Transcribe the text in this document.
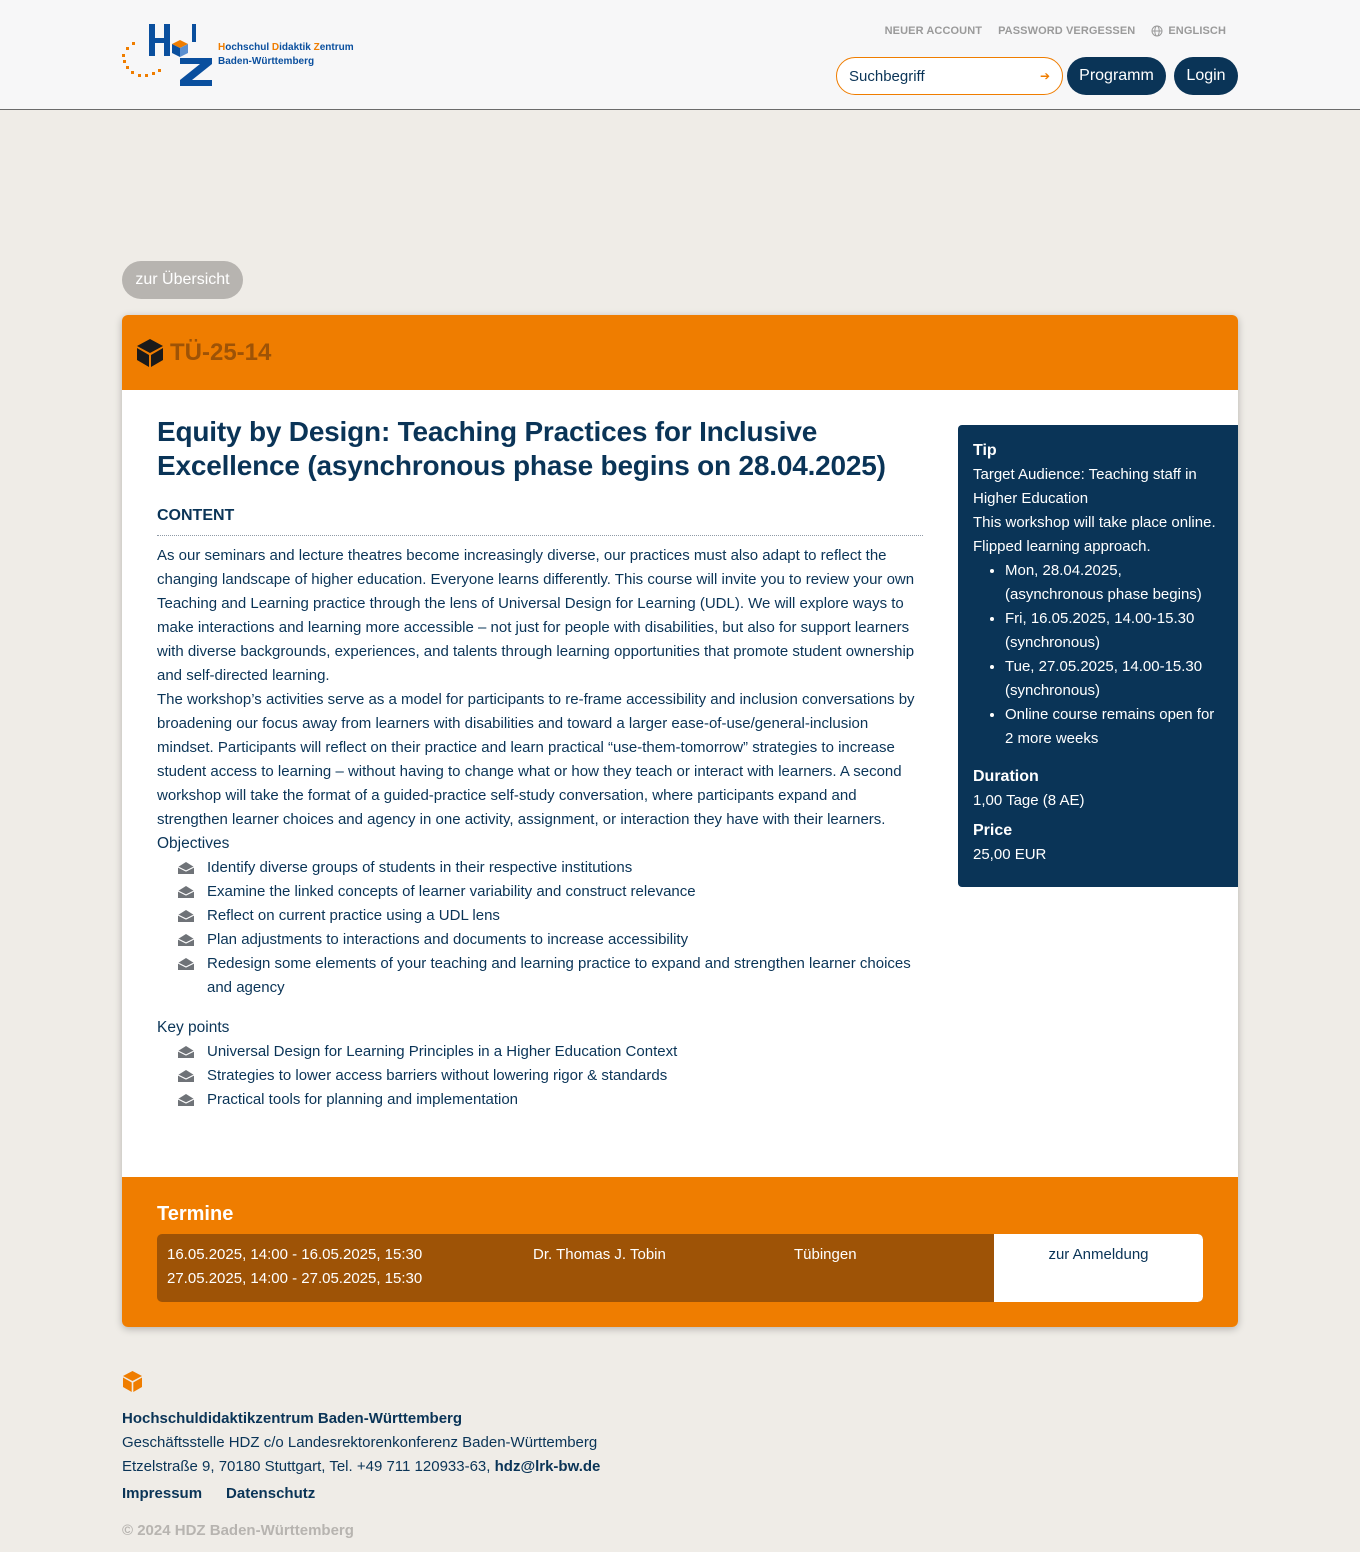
Hochschul Didaktik Zentrum
Baden-Württemberg
NEUER ACCOUNT PASSWORD VERGESSEN	ENGLISCH
Suchbegriff
➔	Programm	Login
zur Übersicht
TÜ-25-14
Equity by Design: Teaching Practices for Inclusive Excellence (asynchronous phase begins on 28.04.2025)
CONTENT

As our seminars and lecture theatres become increasingly diverse, our practices must also adapt to reflect the changing landscape of higher education. Everyone learns differently. This course will invite you to review your own Teaching and Learning practice through the lens of Universal Design for Learning (UDL). We will explore ways to make interactions and learning more accessible – not just for people with disabilities, but also for support learners with diverse backgrounds, experiences, and talents through learning opportunities that promote student ownership and self-directed learning.

The workshop’s activities serve as a model for participants to re-frame accessibility and inclusion conversations by broadening our focus away from learners with disabilities and toward a larger ease-of-use/general-inclusion mindset. Participants will reflect on their practice and learn practical “use-them-tomorrow” strategies to increase student access to learning – without having to change what or how they teach or interact with learners. A second workshop will take the format of a guided-practice self-study conversation, where participants expand and strengthen learner choices and agency in one activity, assignment, or interaction they have with their learners.

Objectives
Identify diverse groups of students in their respective institutions
Examine the linked concepts of learner variability and construct relevance
Reflect on current practice using a UDL lens
Plan adjustments to interactions and documents to increase accessibility
Redesign some elements of your teaching and learning practice to expand and strengthen learner choices and agency
Key points
Universal Design for Learning Principles in a Higher Education Context
Strategies to lower access barriers without lowering rigor & standards
Practical tools for planning and implementation
Tip
Target Audience: Teaching staff in Higher Education
This workshop will take place online. Flipped learning approach.
• Mon, 28.04.2025, (asynchronous phase begins)
• Fri, 16.05.2025, 14.00-15.30 (synchronous)
• Tue, 27.05.2025, 14.00-15.30 (synchronous)
• Online course remains open for 2 more weeks
Duration
1,00 Tage (8 AE)
Price
25,00 EUR
Termine
16.05.2025, 14:00 - 16.05.2025, 15:30
27.05.2025, 14:00 - 27.05.2025, 15:30
Dr. Thomas J. Tobin	Tübingen	zur Anmeldung
Hochschuldidaktikzentrum Baden-Württemberg
Geschäftsstelle HDZ c/o Landesrektorenkonferenz Baden-Württemberg
Etzelstraße 9, 70180 Stuttgart, Tel. +49 711 120933-63, hdz@lrk-bw.de
Impressum Datenschutz
© 2024 HDZ Baden-Württemberg
